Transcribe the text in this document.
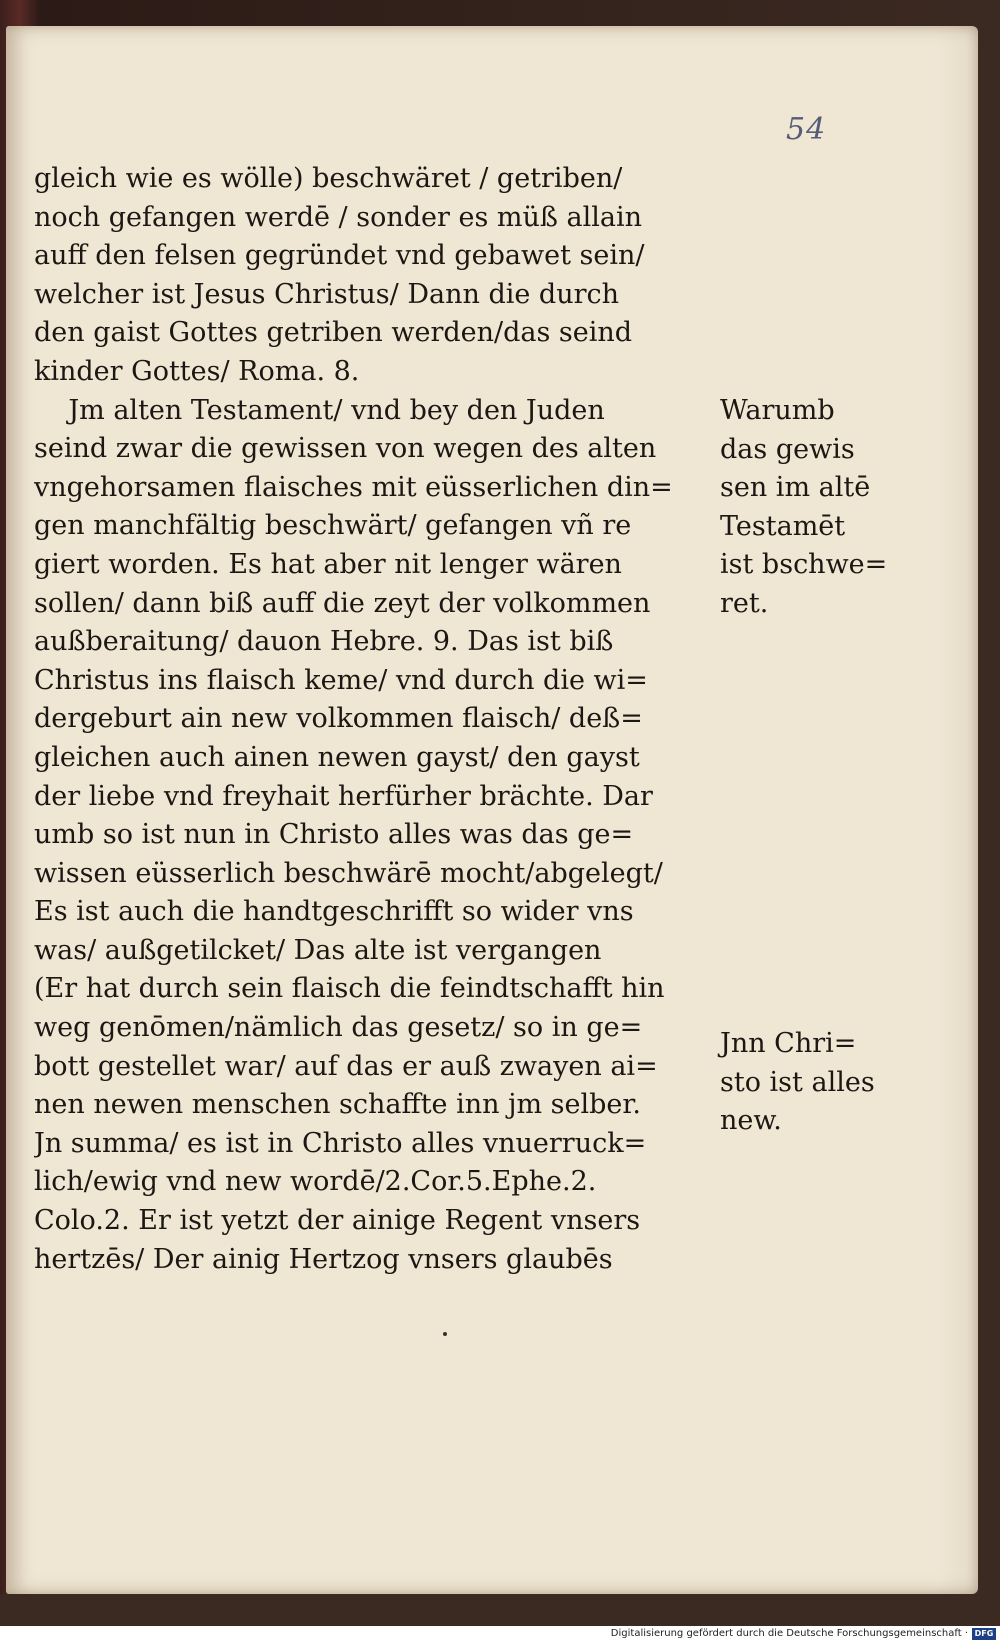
54
gleich wie es wölle) beschwäret / getriben/
noch gefangen werdē / sonder es müß allain
auff den felsen gegründet vnd gebawet sein/
welcher ist Jesus Christus/ Dann die durch
den gaist Gottes getriben werden/das seind
kinder Gottes/ Roma. 8.
Jm alten Testament/ vnd bey den Juden
seind zwar die gewissen von wegen des alten
vngehorsamen flaisches mit eüsserlichen din=
gen manchfältig beschwärt/ gefangen vñ re
giert worden. Es hat aber nit lenger wären
sollen/ dann biß auff die zeyt der volkommen
außberaitung/ dauon Hebre. 9. Das ist biß
Christus ins flaisch keme/ vnd durch die wi=
dergeburt ain new volkommen flaisch/ deß=
gleichen auch ainen newen gayst/ den gayst
der liebe vnd freyhait herfürher brächte. Dar
umb so ist nun in Christo alles was das ge=
wissen eüsserlich beschwärē mocht/abgelegt/
Es ist auch die handtgeschrifft so wider vns
was/ außgetilcket/ Das alte ist vergangen
(Er hat durch sein flaisch die feindtschafft hin
weg genōmen/nämlich das gesetz/ so in ge=
bott gestellet war/ auf das er auß zwayen ai=
nen newen menschen schaffte inn jm selber.
Jn summa/ es ist in Christo alles vnuerruck=
lich/ewig vnd new wordē/2.Cor.5.Ephe.2.
Colo.2. Er ist yetzt der ainige Regent vnsers
hertzēs/ Der ainig Hertzog vnsers glaubēs
Warumb
das gewis
sen im altē
Testamēt
ist bschwe=
ret.
Jnn Chri=
sto ist alles
new.
Digitalisierung gefördert durch die Deutsche Forschungsgemeinschaft · DFG
